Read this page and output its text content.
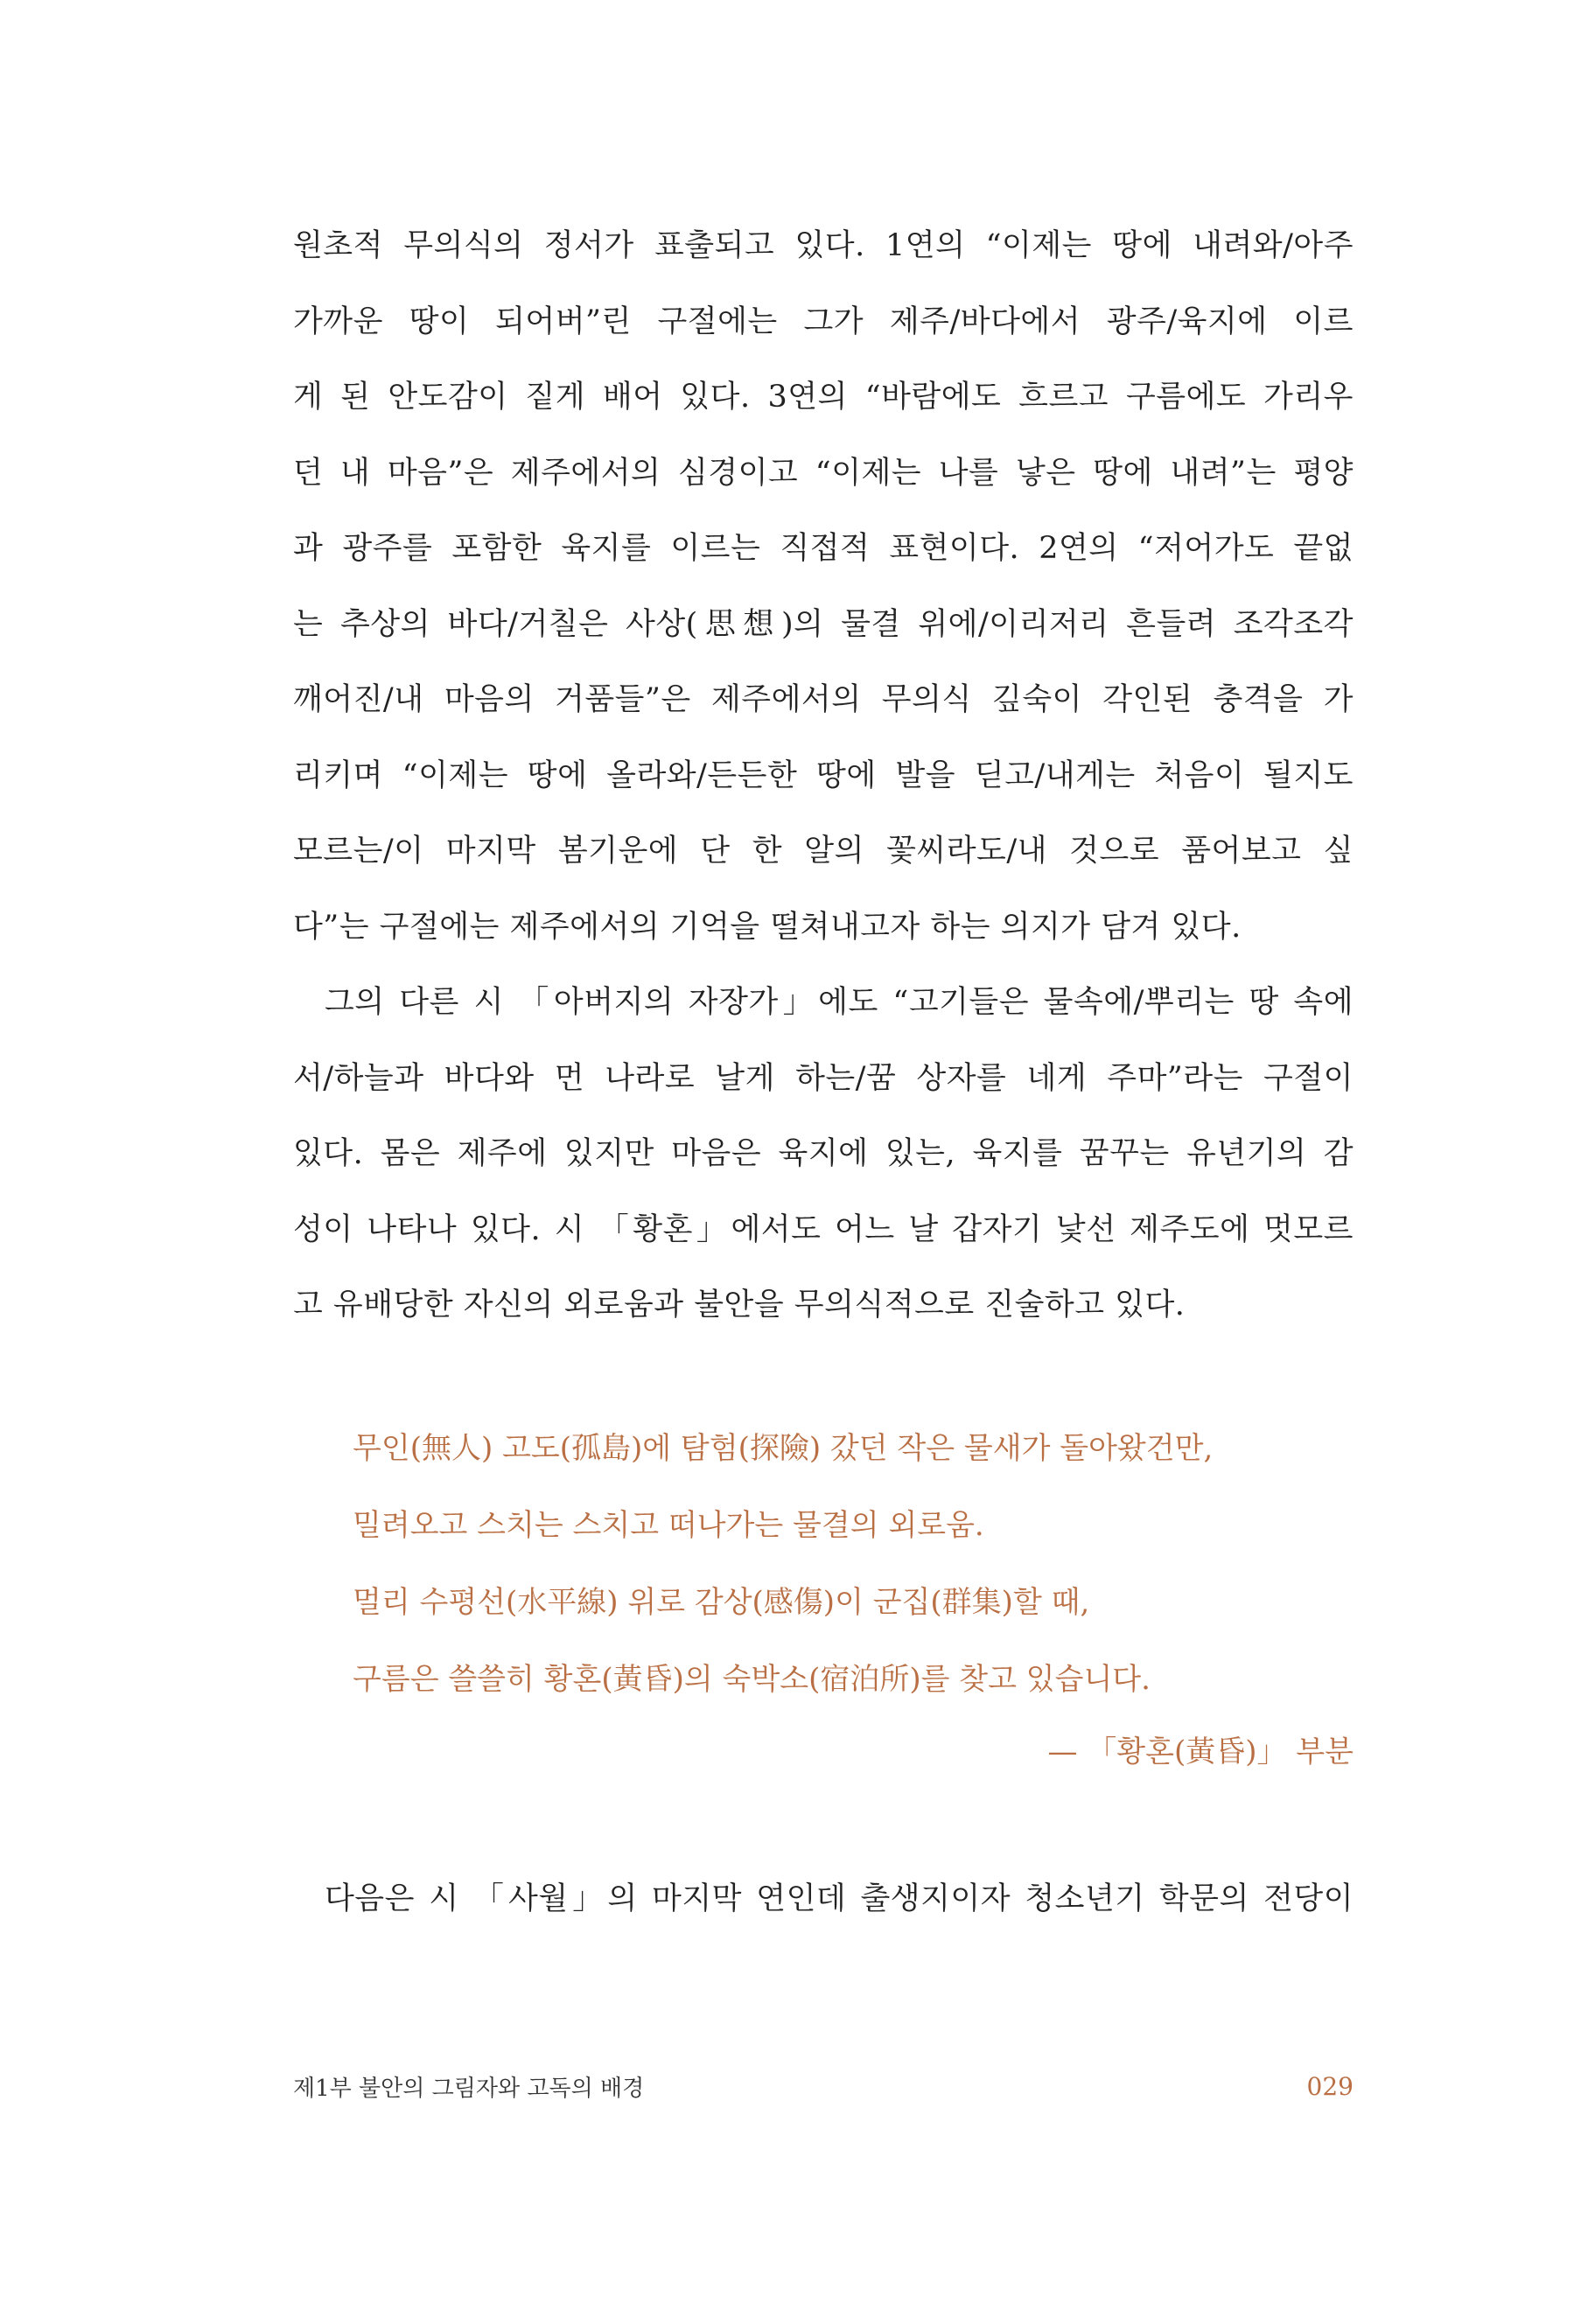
원초적 무의식의 정서가 표출되고 있다. 1연의 “이제는 땅에 내려와/아주
가까운 땅이 되어버”린 구절에는 그가 제주/바다에서 광주/육지에 이르
게 된 안도감이 짙게 배어 있다. 3연의 “바람에도 흐르고 구름에도 가리우
던 내 마음”은 제주에서의 심경이고 “이제는 나를 낳은 땅에 내려”는 평양
과 광주를 포함한 육지를 이르는 직접적 표현이다. 2연의 “저어가도 끝없
는 추상의 바다/거칠은 사상(思想)의 물결 위에/이리저리 흔들려 조각조각
깨어진/내 마음의 거품들”은 제주에서의 무의식 깊숙이 각인된 충격을 가
리키며 “이제는 땅에 올라와/든든한 땅에 발을 딛고/내게는 처음이 될지도
모르는/이 마지막 봄기운에 단 한 알의 꽃씨라도/내 것으로 품어보고 싶
다”는 구절에는 제주에서의 기억을 떨쳐내고자 하는 의지가 담겨 있다.
그의 다른 시 「아버지의 자장가」에도 “고기들은 물속에/뿌리는 땅 속에
서/하늘과 바다와 먼 나라로 날게 하는/꿈 상자를 네게 주마”라는 구절이
있다. 몸은 제주에 있지만 마음은 육지에 있는, 육지를 꿈꾸는 유년기의 감
성이 나타나 있다. 시 「황혼」에서도 어느 날 갑자기 낯선 제주도에 멋모르
고 유배당한 자신의 외로움과 불안을 무의식적으로 진술하고 있다.
무인(無人) 고도(孤島)에 탐험(探險) 갔던 작은 물새가 돌아왔건만,
밀려오고 스치는 스치고 떠나가는 물결의 외로움.
멀리 수평선(水平線) 위로 감상(感傷)이 군집(群集)할 때,
구름은 쓸쓸히 황혼(黃昏)의 숙박소(宿泊所)를 찾고 있습니다.
— 「황혼(黃昏)」 부분
다음은 시 「사월」의 마지막 연인데 출생지이자 청소년기 학문의 전당이
제1부 불안의 그림자와 고독의 배경	029
